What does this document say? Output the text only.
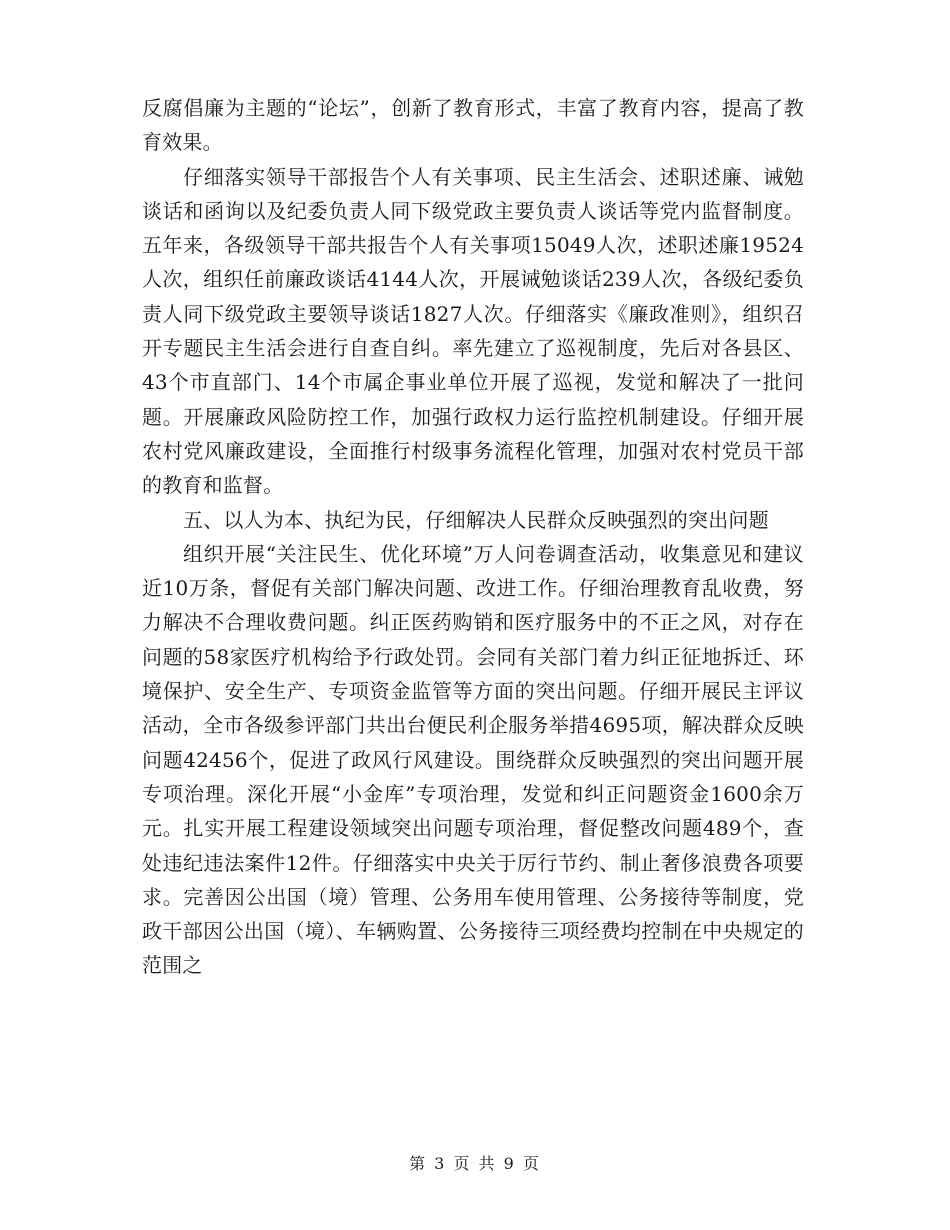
反腐倡廉为主题的“论坛”，创新了教育形式，丰富了教育内容，提高了教育效果。

仔细落实领导干部报告个人有关事项、民主生活会、述职述廉、诫勉谈话和函询以及纪委负责人同下级党政主要负责人谈话等党内监督制度。五年来，各级领导干部共报告个人有关事项15049人次，述职述廉19524人次，组织任前廉政谈话4144人次，开展诫勉谈话239人次，各级纪委负责人同下级党政主要领导谈话1827人次。仔细落实《廉政准则》，组织召开专题民主生活会进行自查自纠。率先建立了巡视制度，先后对各县区、43个市直部门、14个市属企事业单位开展了巡视，发觉和解决了一批问题。开展廉政风险防控工作，加强行政权力运行监控机制建设。仔细开展农村党风廉政建设，全面推行村级事务流程化管理，加强对农村党员干部的教育和监督。

五、以人为本、执纪为民，仔细解决人民群众反映强烈的突出问题

组织开展“关注民生、优化环境”万人问卷调查活动，收集意见和建议近10万条，督促有关部门解决问题、改进工作。仔细治理教育乱收费，努力解决不合理收费问题。纠正医药购销和医疗服务中的不正之风，对存在问题的58家医疗机构给予行政处罚。会同有关部门着力纠正征地拆迁、环境保护、安全生产、专项资金监管等方面的突出问题。仔细开展民主评议活动，全市各级参评部门共出台便民利企服务举措4695项，解决群众反映问题42456个，促进了政风行风建设。围绕群众反映强烈的突出问题开展专项治理。深化开展“小金库”专项治理，发觉和纠正问题资金1600余万元。扎实开展工程建设领域突出问题专项治理，督促整改问题489个，查处违纪违法案件12件。仔细落实中央关于厉行节约、制止奢侈浪费各项要求。完善因公出国（境）管理、公务用车使用管理、公务接待等制度，党政干部因公出国（境）、车辆购置、公务接待三项经费均控制在中央规定的范围之

第 3 页 共 9 页
